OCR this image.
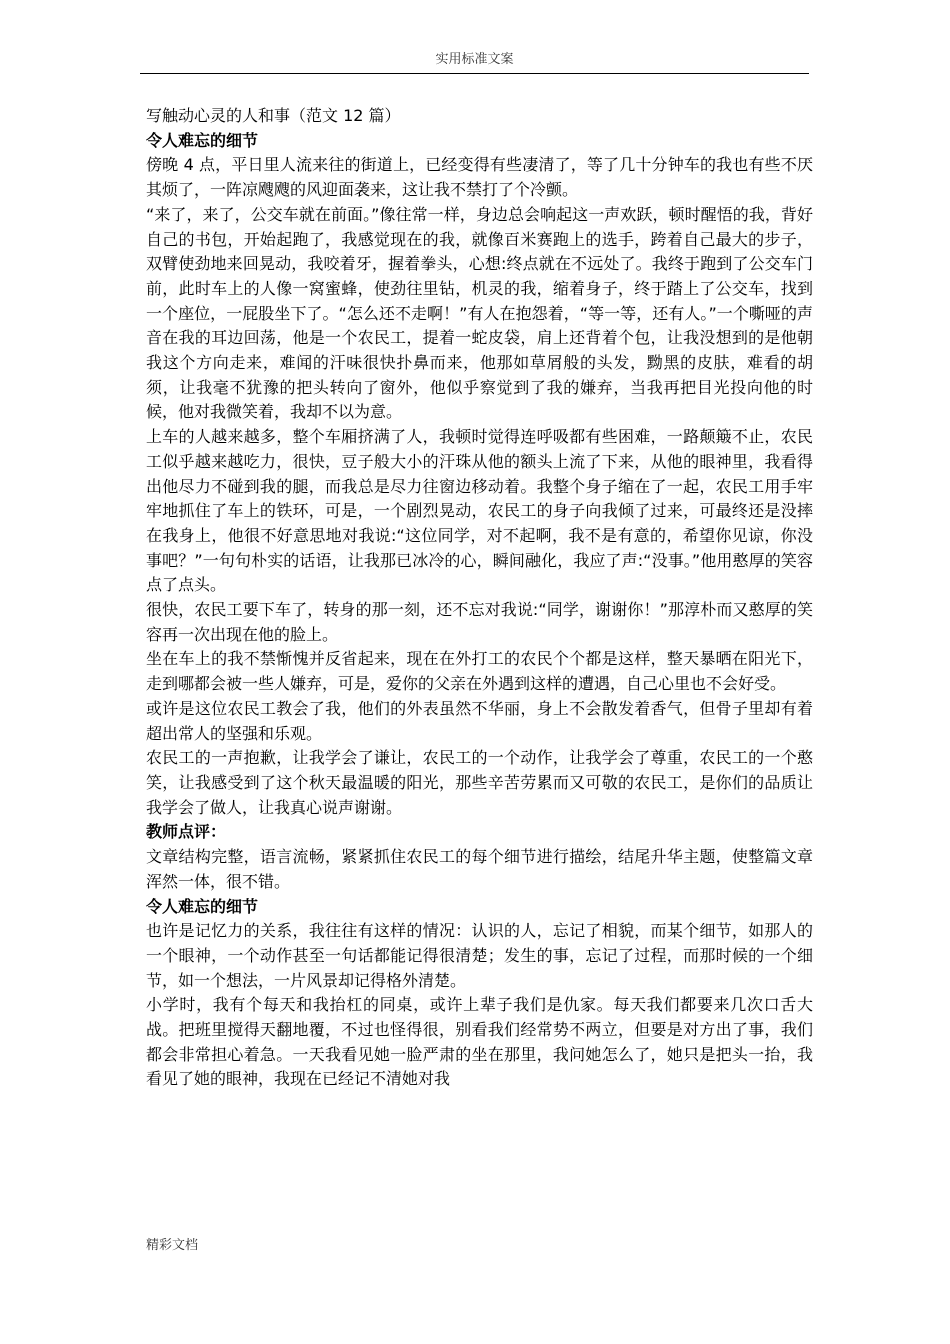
实用标准文案

写触动心灵的人和事（范文 12 篇）

令人难忘的细节

傍晚 4 点，平日里人流来往的街道上，已经变得有些凄清了，等了几十分钟车的我也有些不厌其烦了，一阵凉飕飕的风迎面袭来，这让我不禁打了个冷颤。

“来了，来了，公交车就在前面。”像往常一样，身边总会响起这一声欢跃，顿时醒悟的我，背好自己的书包，开始起跑了，我感觉现在的我，就像百米赛跑上的选手，跨着自己最大的步子，双臂使劲地来回晃动，我咬着牙，握着拳头，心想:终点就在不远处了。我终于跑到了公交车门前，此时车上的人像一窝蜜蜂，使劲往里钻，机灵的我，缩着身子，终于踏上了公交车，找到一个座位，一屁股坐下了。“怎么还不走啊！”有人在抱怨着，“等一等，还有人。”一个嘶哑的声音在我的耳边回荡，他是一个农民工，提着一蛇皮袋，肩上还背着个包，让我没想到的是他朝我这个方向走来，难闻的汗味很快扑鼻而来，他那如草屑般的头发，黝黑的皮肤，难看的胡须，让我毫不犹豫的把头转向了窗外，他似乎察觉到了我的嫌弃，当我再把目光投向他的时候，他对我微笑着，我却不以为意。

上车的人越来越多，整个车厢挤满了人，我顿时觉得连呼吸都有些困难，一路颠簸不止，农民工似乎越来越吃力，很快，豆子般大小的汗珠从他的额头上流了下来，从他的眼神里，我看得出他尽力不碰到我的腿，而我总是尽力往窗边移动着。我整个身子缩在了一起，农民工用手牢牢地抓住了车上的铁环，可是，一个剧烈晃动，农民工的身子向我倾了过来，可最终还是没摔在我身上，他很不好意思地对我说:“这位同学，对不起啊，我不是有意的，希望你见谅，你没事吧？”一句句朴实的话语，让我那已冰冷的心，瞬间融化，我应了声:“没事。”他用憨厚的笑容点了点头。

很快，农民工要下车了，转身的那一刻，还不忘对我说:“同学，谢谢你！”那淳朴而又憨厚的笑容再一次出现在他的脸上。

坐在车上的我不禁惭愧并反省起来，现在在外打工的农民个个都是这样，整天暴晒在阳光下，走到哪都会被一些人嫌弃，可是，爱你的父亲在外遇到这样的遭遇，自己心里也不会好受。

或许是这位农民工教会了我，他们的外表虽然不华丽，身上不会散发着香气，但骨子里却有着超出常人的坚强和乐观。

农民工的一声抱歉，让我学会了谦让，农民工的一个动作，让我学会了尊重，农民工的一个憨笑，让我感受到了这个秋天最温暖的阳光，那些辛苦劳累而又可敬的农民工，是你们的品质让我学会了做人，让我真心说声谢谢。

教师点评：

文章结构完整，语言流畅，紧紧抓住农民工的每个细节进行描绘，结尾升华主题，使整篇文章浑然一体，很不错。

令人难忘的细节

也许是记忆力的关系，我往往有这样的情况：认识的人，忘记了相貌，而某个细节，如那人的一个眼神，一个动作甚至一句话都能记得很清楚；发生的事，忘记了过程，而那时候的一个细节，如一个想法，一片风景却记得格外清楚。

小学时，我有个每天和我抬杠的同桌，或许上辈子我们是仇家。每天我们都要来几次口舌大战。把班里搅得天翻地覆，不过也怪得很，别看我们经常势不两立，但要是对方出了事，我们都会非常担心着急。一天我看见她一脸严肃的坐在那里，我问她怎么了，她只是把头一抬，我看见了她的眼神，我现在已经记不清她对我

精彩文档
